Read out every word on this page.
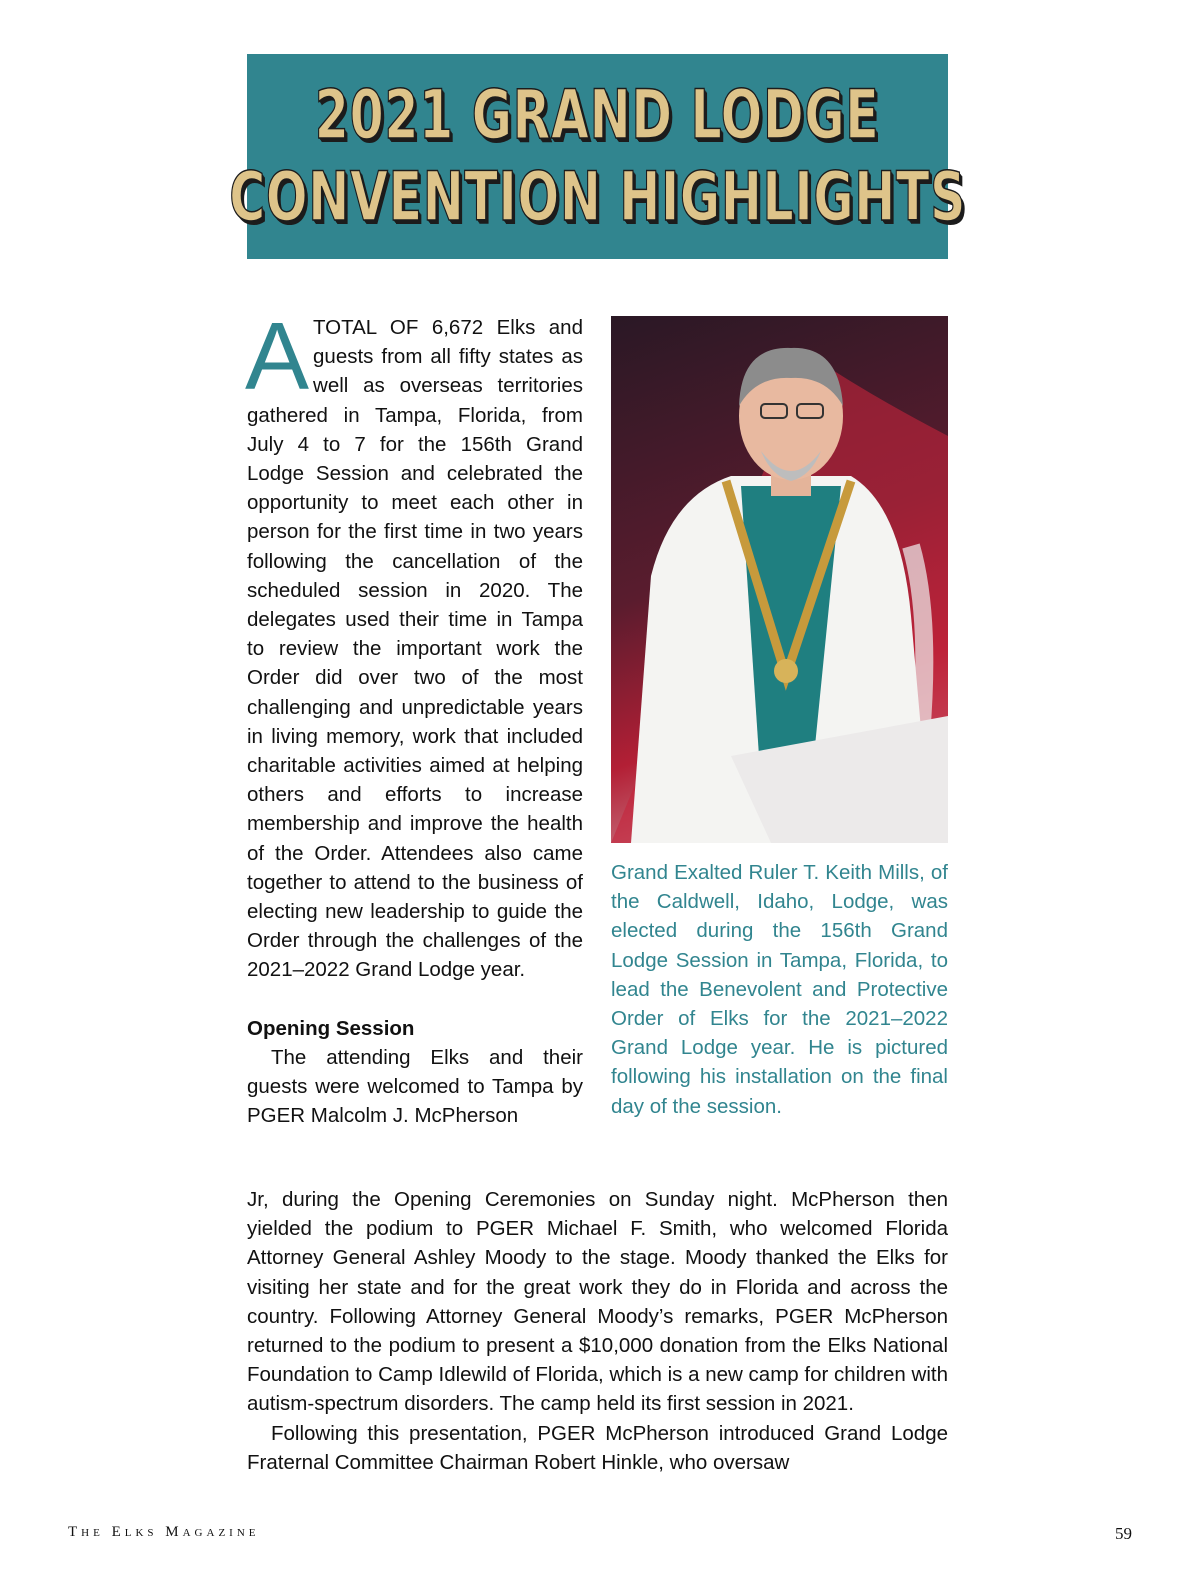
2021 GRAND LODGE
CONVENTION HIGHLIGHTS

ATOTAL OF 6,672 Elks and guests from all fifty states as well as overseas territories gathered in Tampa, Florida, from July 4 to 7 for the 156th Grand Lodge Session and celebrated the opportunity to meet each other in person for the first time in two years following the cancellation of the scheduled session in 2020. The delegates used their time in Tampa to review the important work the Order did over two of the most challenging and unpredictable years in living memory, work that included charitable activities aimed at helping others and efforts to increase membership and improve the health of the Order. Attendees also came together to attend to the business of electing new leadership to guide the Order through the challenges of the 2021–2022 Grand Lodge year.

Opening Session

The attending Elks and their guests were welcomed to Tampa by PGER Malcolm J. McPherson

Grand Exalted Ruler T. Keith Mills, of the Caldwell, Idaho, Lodge, was elected during the 156th Grand Lodge Session in Tampa, Florida, to lead the Benevolent and Protective Order of Elks for the 2021–2022 Grand Lodge year. He is pictured following his installation on the final day of the session.

Jr, during the Opening Ceremonies on Sunday night. McPherson then yielded the podium to PGER Michael F. Smith, who welcomed Florida Attorney General Ashley Moody to the stage. Moody thanked the Elks for visiting her state and for the great work they do in Florida and across the country. Following Attorney General Moody’s remarks, PGER McPherson returned to the podium to present a $10,000 donation from the Elks National Foundation to Camp Idlewild of Florida, which is a new camp for children with autism-spectrum disorders. The camp held its first session in 2021.

Following this presentation, PGER McPherson introduced Grand Lodge Fraternal Committee Chairman Robert Hinkle, who oversaw

The Elks Magazine	59
